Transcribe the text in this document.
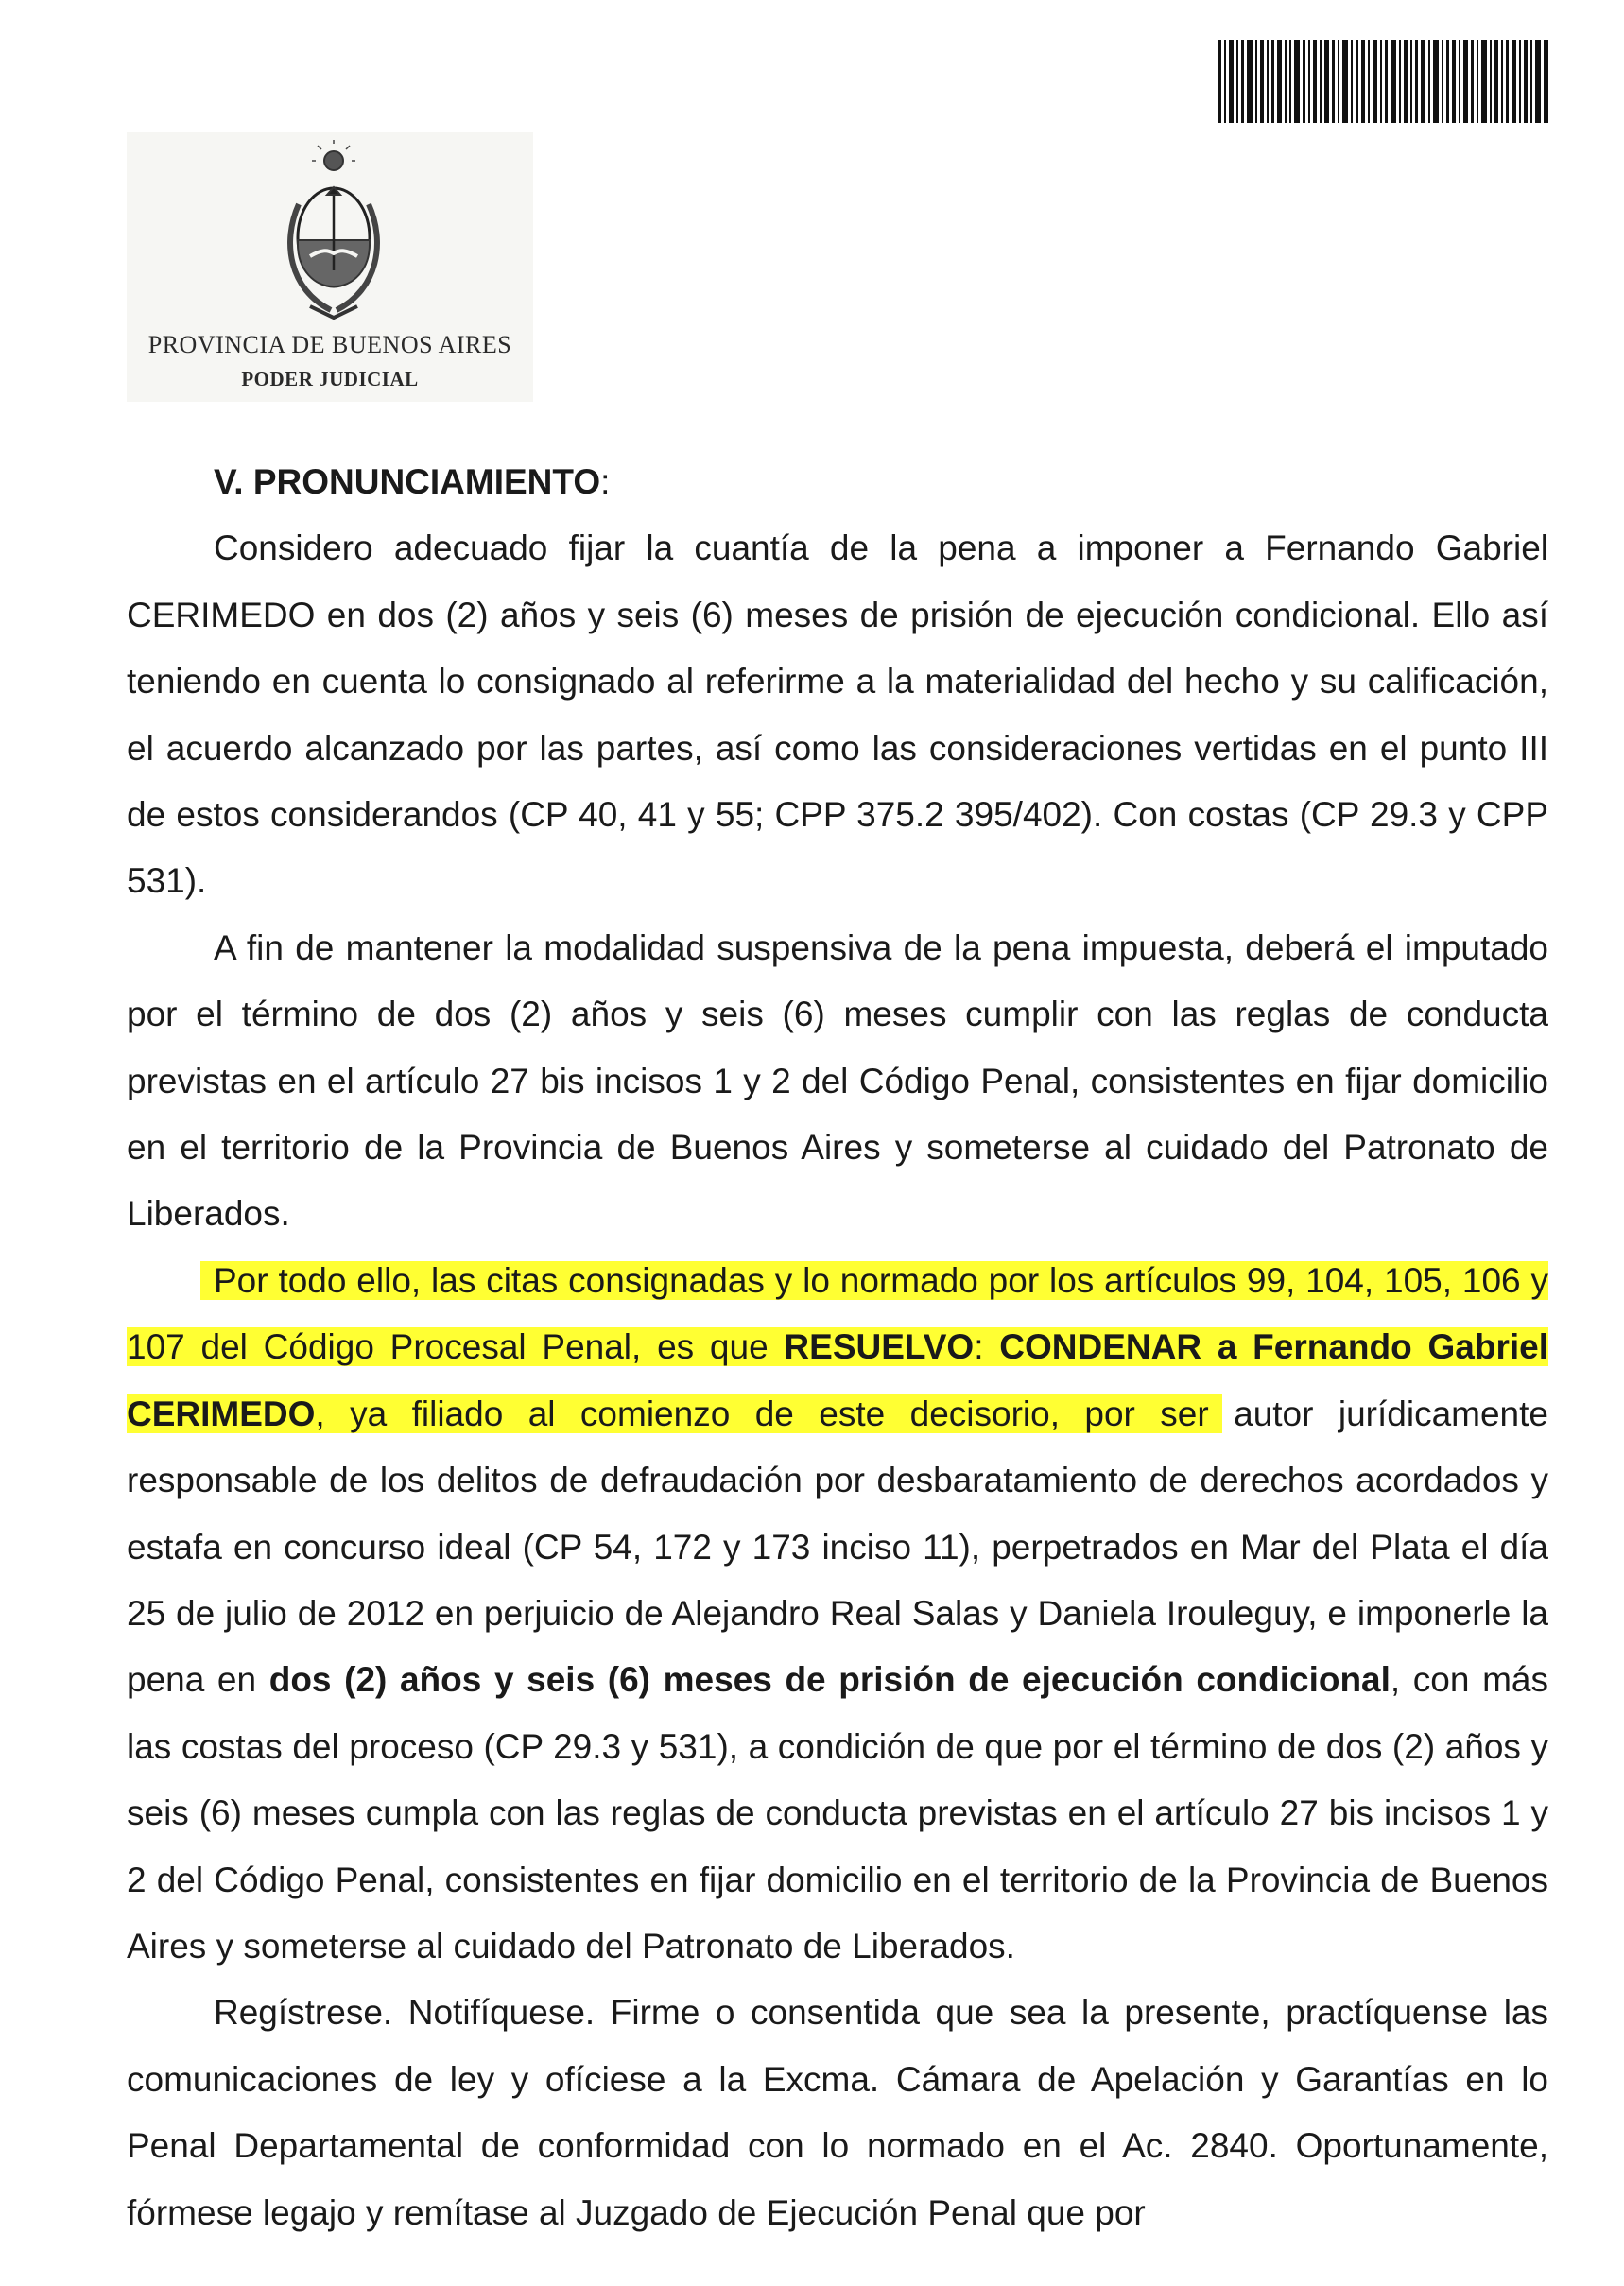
PROVINCIA DE BUENOS AIRES
PODER JUDICIAL
V. PRONUNCIAMIENTO:

Considero adecuado fijar la cuantía de la pena a imponer a Fernando Gabriel CERIMEDO en dos (2) años y seis (6) meses de prisión de ejecución condicional. Ello así teniendo en cuenta lo consignado al referirme a la materialidad del hecho y su calificación, el acuerdo alcanzado por las partes, así como las consideraciones vertidas en el punto III de estos considerandos (CP 40, 41 y 55; CPP 375.2 395/402). Con costas (CP 29.3 y CPP 531).

A fin de mantener la modalidad suspensiva de la pena impuesta, deberá el imputado por el término de dos (2) años y seis (6) meses cumplir con las reglas de conducta previstas en el artículo 27 bis incisos 1 y 2 del Código Penal, consistentes en fijar domicilio en el territorio de la Provincia de Buenos Aires y someterse al cuidado del Patronato de Liberados.

Por todo ello, las citas consignadas y lo normado por los artículos 99, 104, 105, 106 y 107 del Código Procesal Penal, es que RESUELVO: CONDENAR a Fernando Gabriel CERIMEDO, ya filiado al comienzo de este decisorio, por ser autor jurídicamente responsable de los delitos de defraudación por desbaratamiento de derechos acordados y estafa en concurso ideal (CP 54, 172 y 173 inciso 11), perpetrados en Mar del Plata el día 25 de julio de 2012 en perjuicio de Alejandro Real Salas y Daniela Irouleguy, e imponerle la pena en dos (2) años y seis (6) meses de prisión de ejecución condicional, con más las costas del proceso (CP 29.3 y 531), a condición de que por el término de dos (2) años y seis (6) meses cumpla con las reglas de conducta previstas en el artículo 27 bis incisos 1 y 2 del Código Penal, consistentes en fijar domicilio en el territorio de la Provincia de Buenos Aires y someterse al cuidado del Patronato de Liberados.

Regístrese. Notifíquese. Firme o consentida que sea la presente, practíquense las comunicaciones de ley y ofíciese a la Excma. Cámara de Apelación y Garantías en lo Penal Departamental de conformidad con lo normado en el Ac. 2840. Oportunamente, fórmese legajo y remítase al Juzgado de Ejecución Penal que por
